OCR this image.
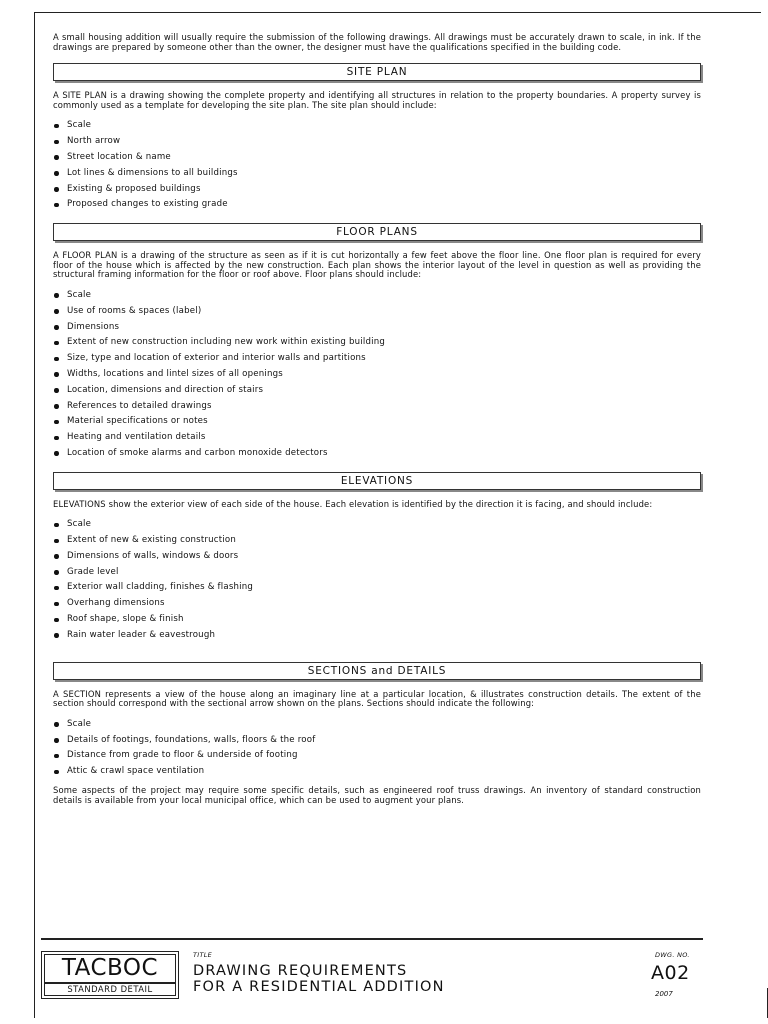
A small housing addition will usually require the submission of the following drawings. All drawings must be accurately drawn to scale, in ink. If the drawings are prepared by someone other than the owner, the designer must have the qualifications specified in the building code.

SITE PLAN

A SITE PLAN is a drawing showing the complete property and identifying all structures in relation to the property boundaries. A property survey is commonly used as a template for developing the site plan. The site plan should include:

Scale
North arrow
Street location & name
Lot lines & dimensions to all buildings
Existing & proposed buildings
Proposed changes to existing grade
FLOOR PLANS

A FLOOR PLAN is a drawing of the structure as seen as if it is cut horizontally a few feet above the floor line. One floor plan is required for every floor of the house which is affected by the new construction. Each plan shows the interior layout of the level in question as well as providing the structural framing information for the floor or roof above. Floor plans should include:

Scale
Use of rooms & spaces (label)
Dimensions
Extent of new construction including new work within existing building
Size, type and location of exterior and interior walls and partitions
Widths, locations and lintel sizes of all openings
Location, dimensions and direction of stairs
References to detailed drawings
Material specifications or notes
Heating and ventilation details
Location of smoke alarms and carbon monoxide detectors
ELEVATIONS

ELEVATIONS show the exterior view of each side of the house. Each elevation is identified by the direction it is facing, and should include:

Scale
Extent of new & existing construction
Dimensions of walls, windows & doors
Grade level
Exterior wall cladding, finishes & flashing
Overhang dimensions
Roof shape, slope & finish
Rain water leader & eavestrough
SECTIONS and DETAILS

A SECTION represents a view of the house along an imaginary line at a particular location, & illustrates construction details. The extent of the section should correspond with the sectional arrow shown on the plans. Sections should indicate the following:

Scale
Details of footings, foundations, walls, floors & the roof
Distance from grade to floor & underside of footing
Attic & crawl space ventilation

Some aspects of the project may require some specific details, such as engineered roof truss drawings. An inventory of standard construction details is available from your local municipal office, which can be used to augment your plans.

TACBOC
STANDARD DETAIL
TITLE
DRAWING REQUIREMENTS
FOR A RESIDENTIAL ADDITION
DWG. NO.
A02
2007
